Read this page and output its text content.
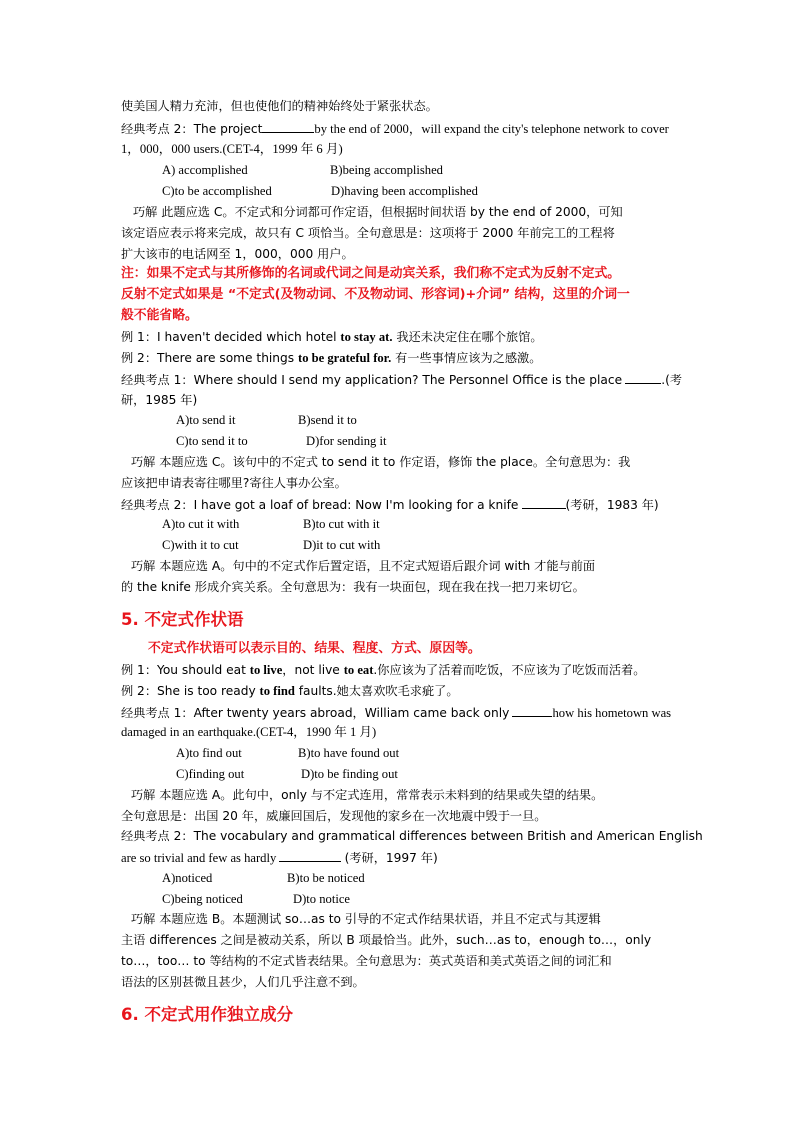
使美国人精力充沛，但也使他们的精神始终处于紧张状态。
经典考点 2：The project	by the end of 2000，will expand the city's telephone network to cover
1，000，000 users.(CET-4，1999 年 6 月)
A) accomplished	B)being accomplished
C)to be accomplished	D)having been accomplished
巧解 此题应选 C。不定式和分词都可作定语，但根据时间状语 by the end of 2000，可知
该定语应表示将来完成，故只有 C 项恰当。全句意思是：这项将于 2000 年前完工的工程将
扩大该市的电话网至 1，000，000 用户。
注：如果不定式与其所修饰的名词或代词之间是动宾关系，我们称不定式为反射不定式。
反射不定式如果是 “不定式(及物动词、不及物动词、形容词)+介词” 结构，这里的介词一
般不能省略。
例 1：I haven't decided which hotel to stay at. 我还未决定住在哪个旅馆。
例 2：There are some things to be grateful for. 有一些事情应该为之感激。
经典考点 1：Where should I send my application? The Personnel Office is the place	.(考
研，1985 年)
A)to send it	B)send it to
C)to send it to	D)for sending it
巧解 本题应选 C。该句中的不定式 to send it to 作定语，修饰 the place。全句意思为：我
应该把申请表寄往哪里?寄往人事办公室。
经典考点 2：I have got a loaf of bread: Now I'm looking for a knife	(考研，1983 年)
A)to cut it with	B)to cut with it
C)with it to cut	D)it to cut with
巧解 本题应选 A。句中的不定式作后置定语，且不定式短语后跟介词 with 才能与前面
的 the knife 形成介宾关系。全句意思为：我有一块面包，现在我在找一把刀来切它。
5. 不定式作状语
不定式作状语可以表示目的、结果、程度、方式、原因等。
例 1：You should eat to live，not live to eat.你应该为了活着而吃饭，不应该为了吃饭而活着。
例 2：She is too ready to find faults.她太喜欢吹毛求疵了。
经典考点 1：After twenty years abroad，William came back only	how his hometown was
damaged in an earthquake.(CET-4，1990 年 1 月)
A)to find out	B)to have found out
C)finding out	D)to be finding out
巧解 本题应选 A。此句中，only 与不定式连用，常常表示未料到的结果或失望的结果。
全句意思是：出国 20 年，威廉回国后，发现他的家乡在一次地震中毁于一旦。
经典考点 2：The vocabulary and grammatical differences between British and American English
are so trivial and few as hardly	(考研，1997 年)
A)noticed	B)to be noticed
C)being noticed	D)to notice
巧解 本题应选 B。本题测试 so…as to 引导的不定式作结果状语，并且不定式与其逻辑
主语 differences 之间是被动关系，所以 B 项最恰当。此外，such…as to，enough to…，only
to…，too… to 等结构的不定式皆表结果。全句意思为：英式英语和美式英语之间的词汇和
语法的区别甚微且甚少，人们几乎注意不到。
6. 不定式用作独立成分
